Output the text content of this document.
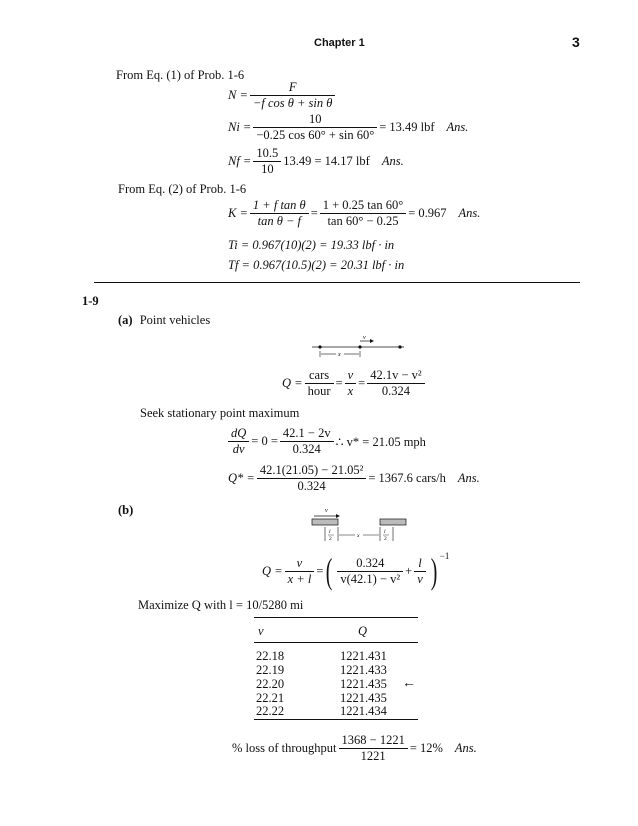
Chapter 1	3
From Eq. (1) of Prob. 1-6
$N = \frac{F}{\text{−f cos θ + sin θ}}$
$Ni = \frac{10}{-0.25 \cos 60^\circ + \sin 60^\circ} = 13.49$ lbf Ans.
$Nf = \frac{10.5}{10} 13.49 = 14.17$ lbf Ans.
From Eq. (2) of Prob. 1-6
$K = \frac{\text{1 + f tan θ}}{\text{tan θ − f}} = \frac{1 + 0.25 \tan 60^\circ}{\tan 60^\circ - 0.25} = 0.967$ Ans.
Ti = 0.967(10)(2) = 19.33 lbf · in
Tf = 0.967(10.5)(2) = 20.31 lbf · in
1-9
(a) Point vehicles
v
x
$Q = \frac{\text{cars}}{\text{hour}} = \frac{v}{x} = \frac{\text{42.1v − v²}}{0.324}$
Seek stationary point maximum
$\frac{dQ}{dv} = 0 = \frac{42.1 - 2v}{0.324}$ ∴ v* = 21.05 mph
$Q* = \frac{\text{42.1(21.05) − 21.05²}}{0.324} = 1367.6$ cars/h Ans.
(b)	v
l
2
l
2
x
$Q = \frac{v}{x + l}$ = ( $\frac{0.324}{\text{v(42.1) − v²}} + \frac{l}{v}$ ) −1
Maximize Q with l = 10/5280 mi
v	Q
22.18	1221.431
22.19	1221.433
22.20	1221.435 ←
22.21	1221.435
22.22	1221.434
% loss of throughput $\frac{1368 - 1221}{1221} = 12\%$ Ans.
